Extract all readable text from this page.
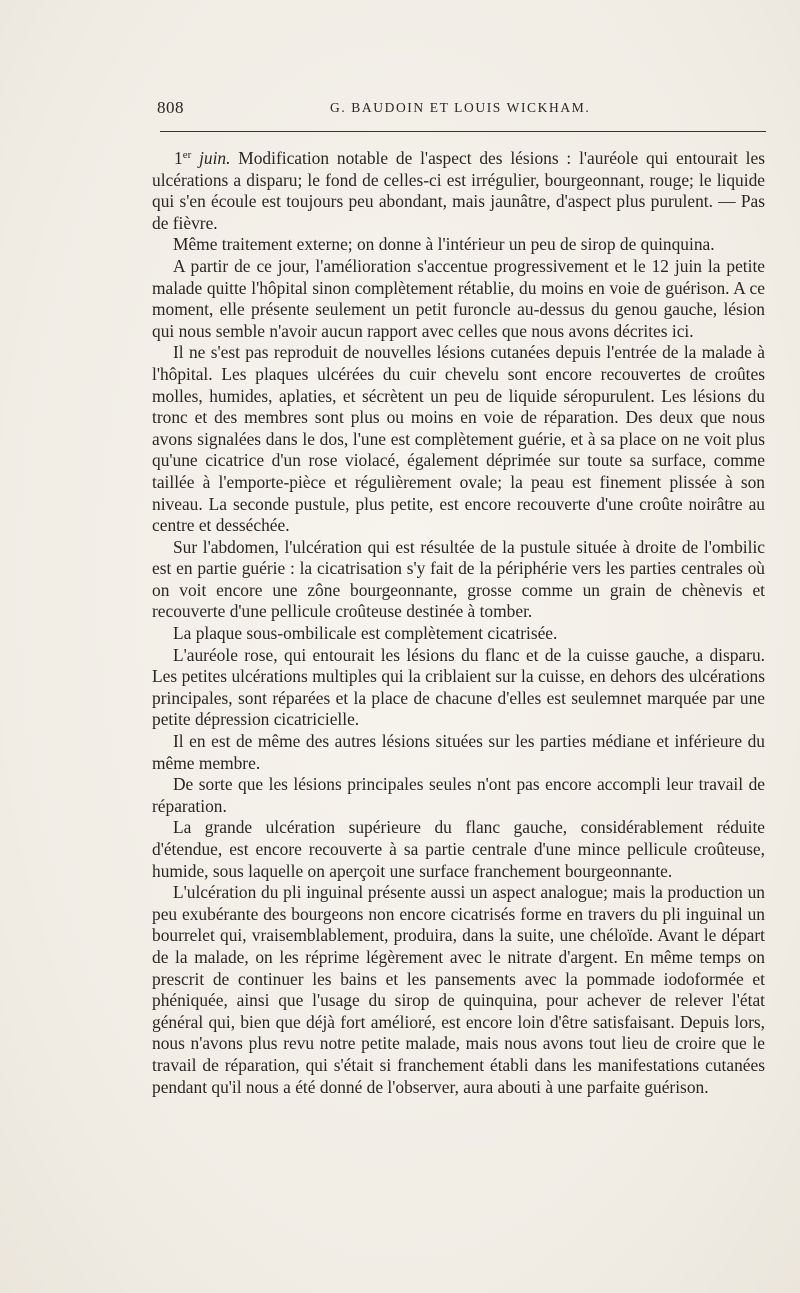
808	G. BAUDOIN ET LOUIS WICKHAM.

1er juin. Modification notable de l'aspect des lésions : l'auréole qui entourait les ulcérations a disparu; le fond de celles-ci est irrégulier, bourgeonnant, rouge; le liquide qui s'en écoule est toujours peu abondant, mais jaunâtre, d'aspect plus purulent. — Pas de fièvre.

Même traitement externe; on donne à l'intérieur un peu de sirop de quinquina.

A partir de ce jour, l'amélioration s'accentue progressivement et le 12 juin la petite malade quitte l'hôpital sinon complètement rétablie, du moins en voie de guérison. A ce moment, elle présente seulement un petit furoncle au-dessus du genou gauche, lésion qui nous semble n'avoir aucun rapport avec celles que nous avons décrites ici.

Il ne s'est pas reproduit de nouvelles lésions cutanées depuis l'entrée de la malade à l'hôpital. Les plaques ulcérées du cuir chevelu sont encore recouvertes de croûtes molles, humides, aplaties, et sécrètent un peu de liquide séropurulent. Les lésions du tronc et des membres sont plus ou moins en voie de réparation. Des deux que nous avons signalées dans le dos, l'une est complètement guérie, et à sa place on ne voit plus qu'une cicatrice d'un rose violacé, également déprimée sur toute sa surface, comme taillée à l'emporte-pièce et régulièrement ovale; la peau est finement plissée à son niveau. La seconde pustule, plus petite, est encore recouverte d'une croûte noirâtre au centre et desséchée.

Sur l'abdomen, l'ulcération qui est résultée de la pustule située à droite de l'ombilic est en partie guérie : la cicatrisation s'y fait de la périphérie vers les parties centrales où on voit encore une zône bourgeonnante, grosse comme un grain de chènevis et recouverte d'une pellicule croûteuse destinée à tomber.

La plaque sous-ombilicale est complètement cicatrisée.

L'auréole rose, qui entourait les lésions du flanc et de la cuisse gauche, a disparu. Les petites ulcérations multiples qui la criblaient sur la cuisse, en dehors des ulcérations principales, sont réparées et la place de chacune d'elles est seulemnet marquée par une petite dépression cicatricielle.

Il en est de même des autres lésions situées sur les parties médiane et inférieure du même membre.

De sorte que les lésions principales seules n'ont pas encore accompli leur travail de réparation.

La grande ulcération supérieure du flanc gauche, considérablement réduite d'étendue, est encore recouverte à sa partie centrale d'une mince pellicule croûteuse, humide, sous laquelle on aperçoit une surface franchement bourgeonnante.

L'ulcération du pli inguinal présente aussi un aspect analogue; mais la production un peu exubérante des bourgeons non encore cicatrisés forme en travers du pli inguinal un bourrelet qui, vraisemblablement, produira, dans la suite, une chéloïde. Avant le départ de la malade, on les réprime légèrement avec le nitrate d'argent. En même temps on prescrit de continuer les bains et les pansements avec la pommade iodoformée et phéniquée, ainsi que l'usage du sirop de quinquina, pour achever de relever l'état général qui, bien que déjà fort amélioré, est encore loin d'être satisfaisant. Depuis lors, nous n'avons plus revu notre petite malade, mais nous avons tout lieu de croire que le travail de réparation, qui s'était si franchement établi dans les manifestations cutanées pendant qu'il nous a été donné de l'observer, aura abouti à une parfaite guérison.
